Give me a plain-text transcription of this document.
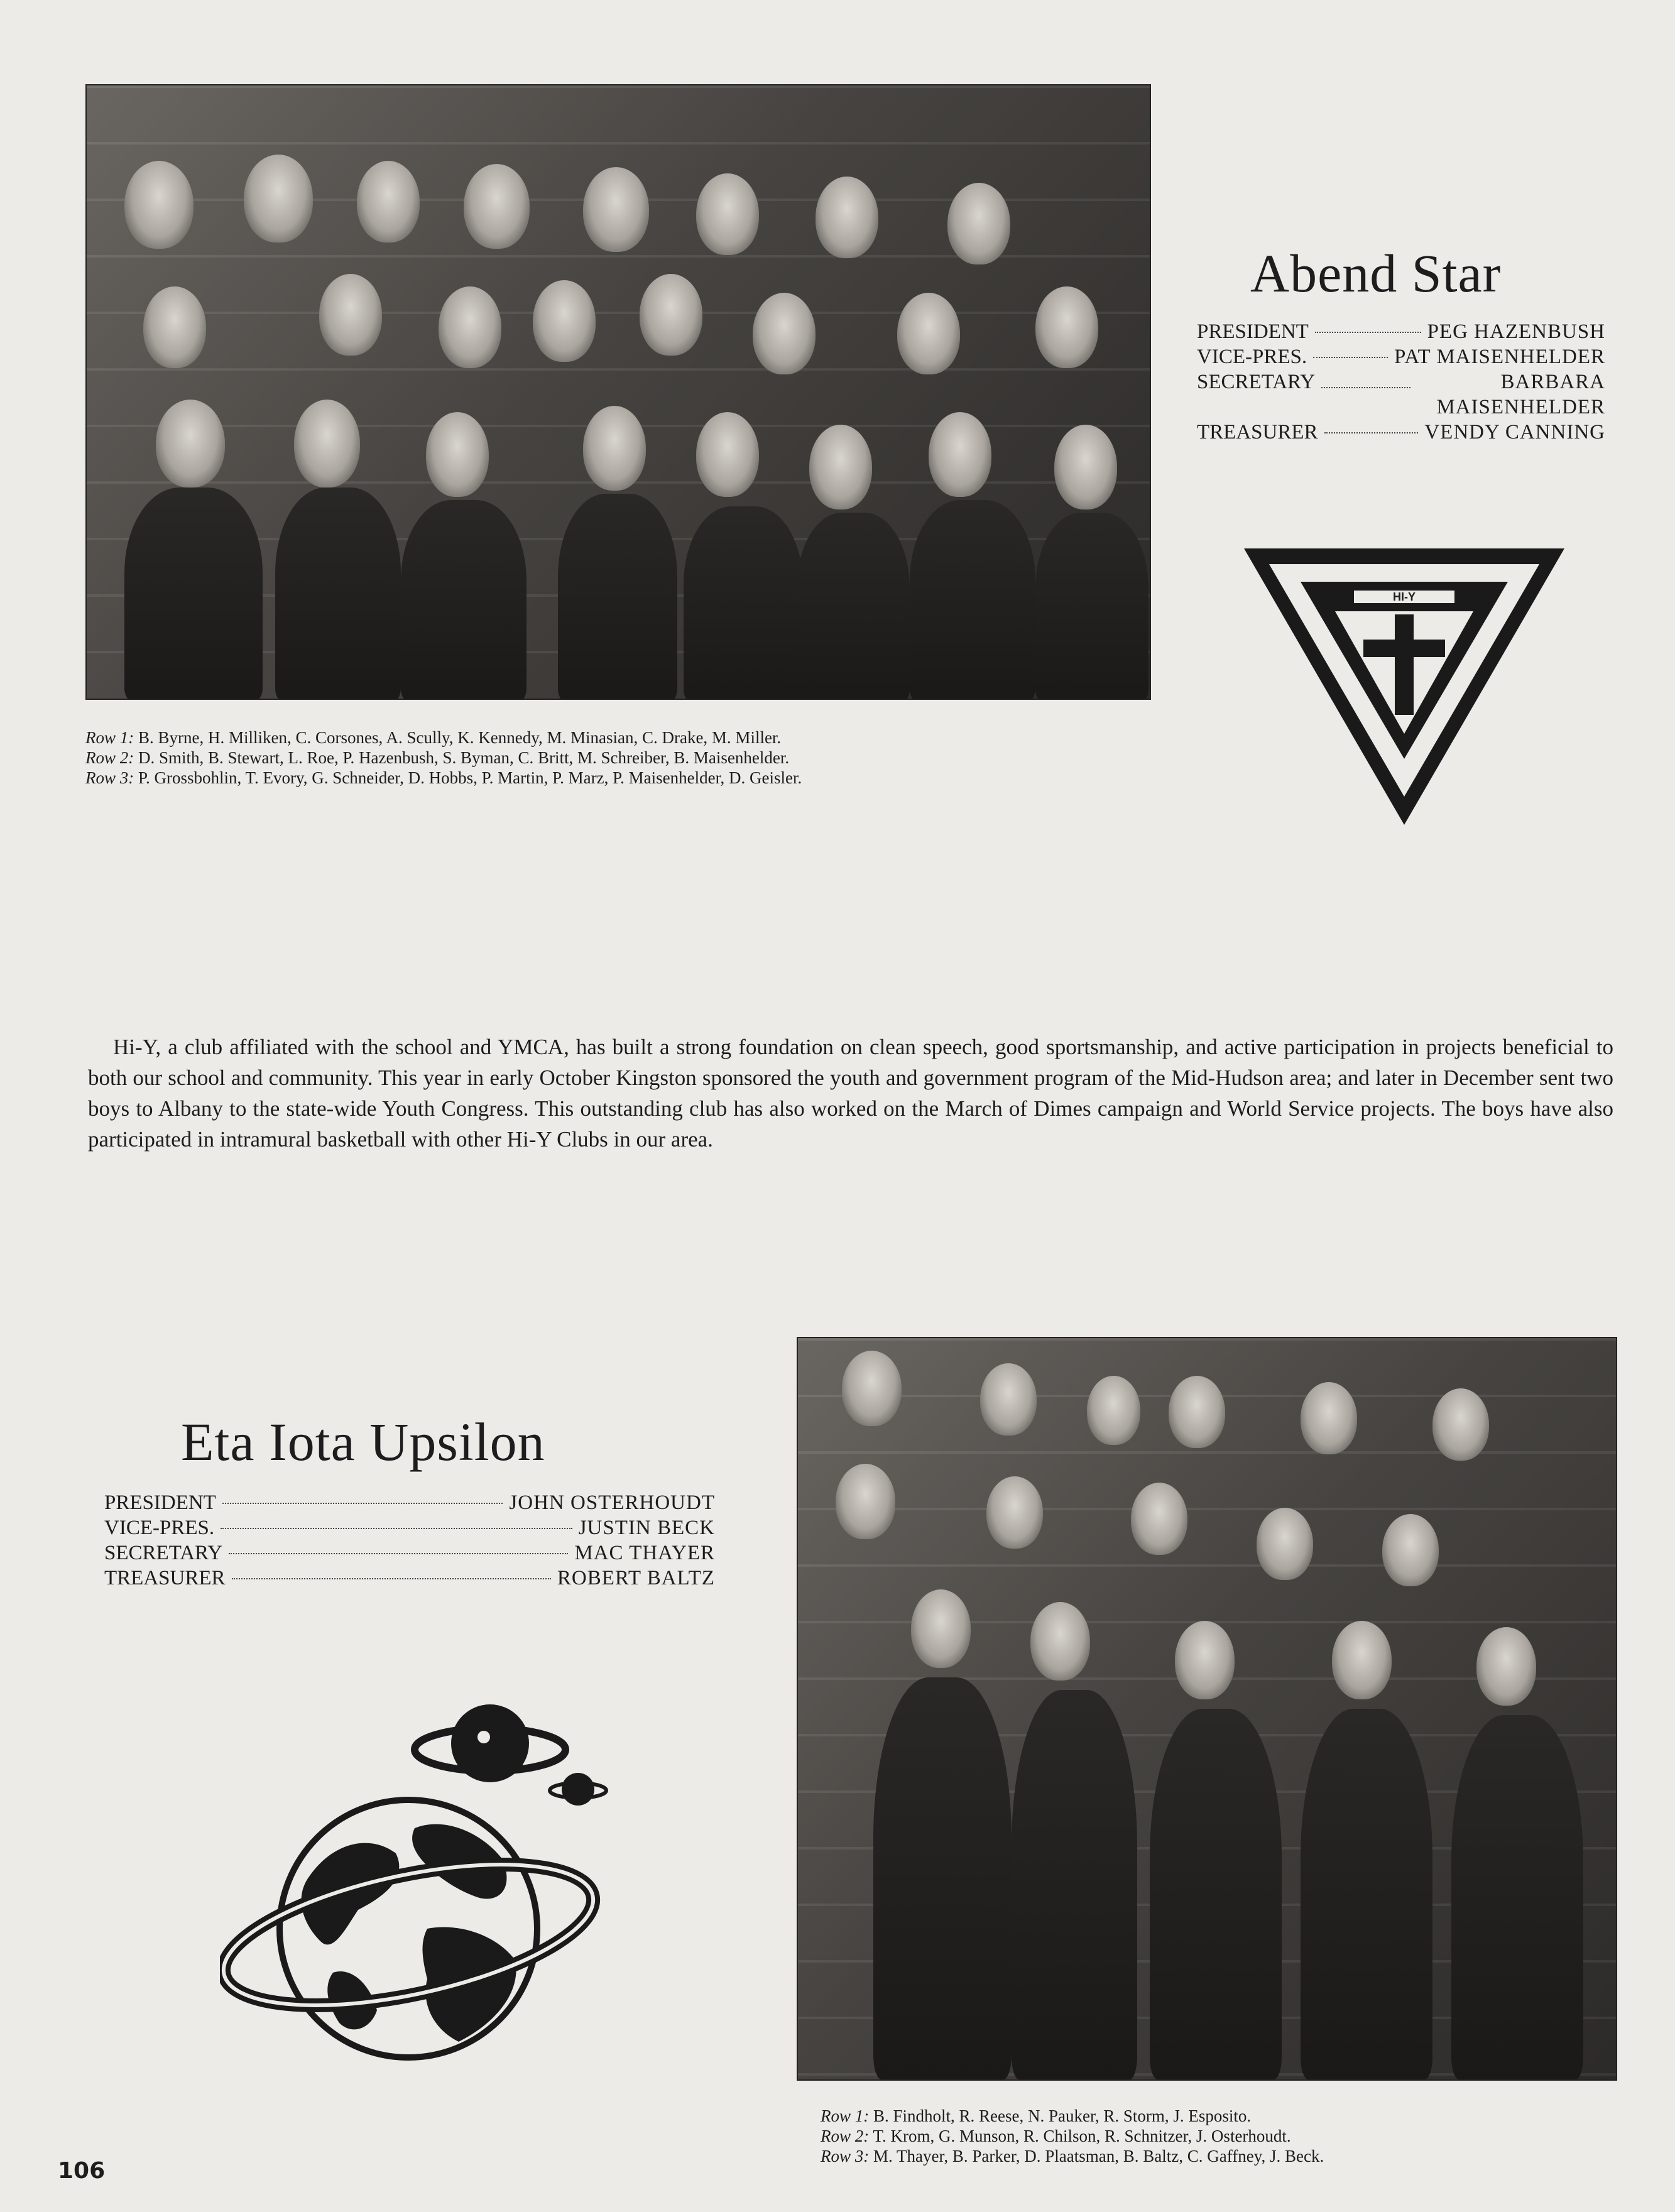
Row 1: B. Byrne, H. Milliken, C. Corsones, A. Scully, K. Kennedy, M. Minasian, C. Drake, M. Miller.
Row 2: D. Smith, B. Stewart, L. Roe, P. Hazenbush, S. Byman, C. Britt, M. Schreiber, B. Maisenhelder.
Row 3: P. Grossbohlin, T. Evory, G. Schneider, D. Hobbs, P. Martin, P. Marz, P. Maisenhelder, D. Geisler.
Abend Star
PRESIDENT	PEG HAZENBUSH
VICE-PRES.	PAT MAISENHELDER
SECRETARY	BARBARA MAISENHELDER
TREASURER	VENDY CANNING
HI-Y

Hi-Y, a club affiliated with the school and YMCA, has built a strong foundation on clean speech, good sportsmanship, and active participation in projects beneficial to both our school and community. This year in early October Kingston sponsored the youth and government program of the Mid-Hudson area; and later in December sent two boys to Albany to the state-wide Youth Congress. This outstanding club has also worked on the March of Dimes campaign and World Service projects. The boys have also participated in intramural basketball with other Hi-Y Clubs in our area.

Eta Iota Upsilon
PRESIDENT	JOHN OSTERHOUDT
VICE-PRES.	JUSTIN BECK
SECRETARY	MAC THAYER
TREASURER	ROBERT BALTZ
Row 1: B. Findholt, R. Reese, N. Pauker, R. Storm, J. Esposito.
Row 2: T. Krom, G. Munson, R. Chilson, R. Schnitzer, J. Osterhoudt.
Row 3: M. Thayer, B. Parker, D. Plaatsman, B. Baltz, C. Gaffney, J. Beck.
106
